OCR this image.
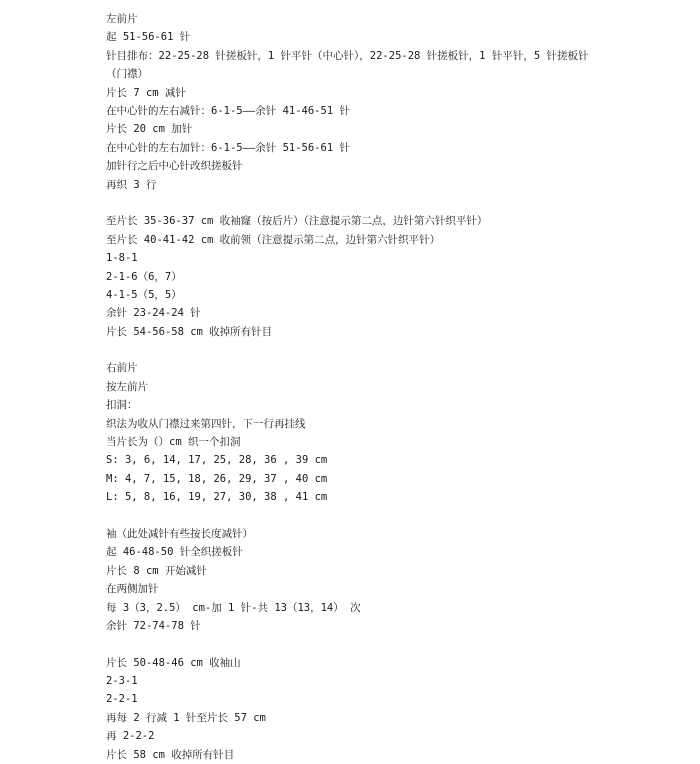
左前片
起 51-56-61 针
针目排布：22-25-28 针搓板针，1 针平针（中心针），22-25-28 针搓板针，1 针平针，5 针搓板针（门襟）
片长 7 cm 减针
在中心针的左右减针：6-1-5——余针 41-46-51 针
片长 20 cm 加针
在中心针的左右加针：6-1-5——余针 51-56-61 针
加针行之后中心针改织搓板针
再织 3 行
至片长 35-36-37 cm 收袖窿（按后片）（注意提示第二点，边针第六针织平针）
至片长 40-41-42 cm 收前领（注意提示第二点，边针第六针织平针）
1-8-1
2-1-6（6，7）
4-1-5（5，5）
余针 23-24-24 针
片长 54-56-58 cm 收掉所有针目
右前片
按左前片
扣洞：
织法为收从门襟过来第四针，下一行再挂线
当片长为（）cm 织一个扣洞
S: 3, 6, 14, 17, 25, 28, 36 , 39 cm
M: 4, 7, 15, 18, 26, 29, 37 , 40 cm
L: 5, 8, 16, 19, 27, 30, 38 , 41 cm
袖（此处减针有些按长度减针）
起 46-48-50 针全织搓板针
片长 8 cm 开始减针
在两侧加针
每 3（3，2.5） cm-加 1 针-共 13（13，14） 次
余针 72-74-78 针
片长 50-48-46 cm 收袖山
2-3-1
2-2-1
再每 2 行减 1 针至片长 57 cm
再 2-2-2
片长 58 cm 收掉所有针目
